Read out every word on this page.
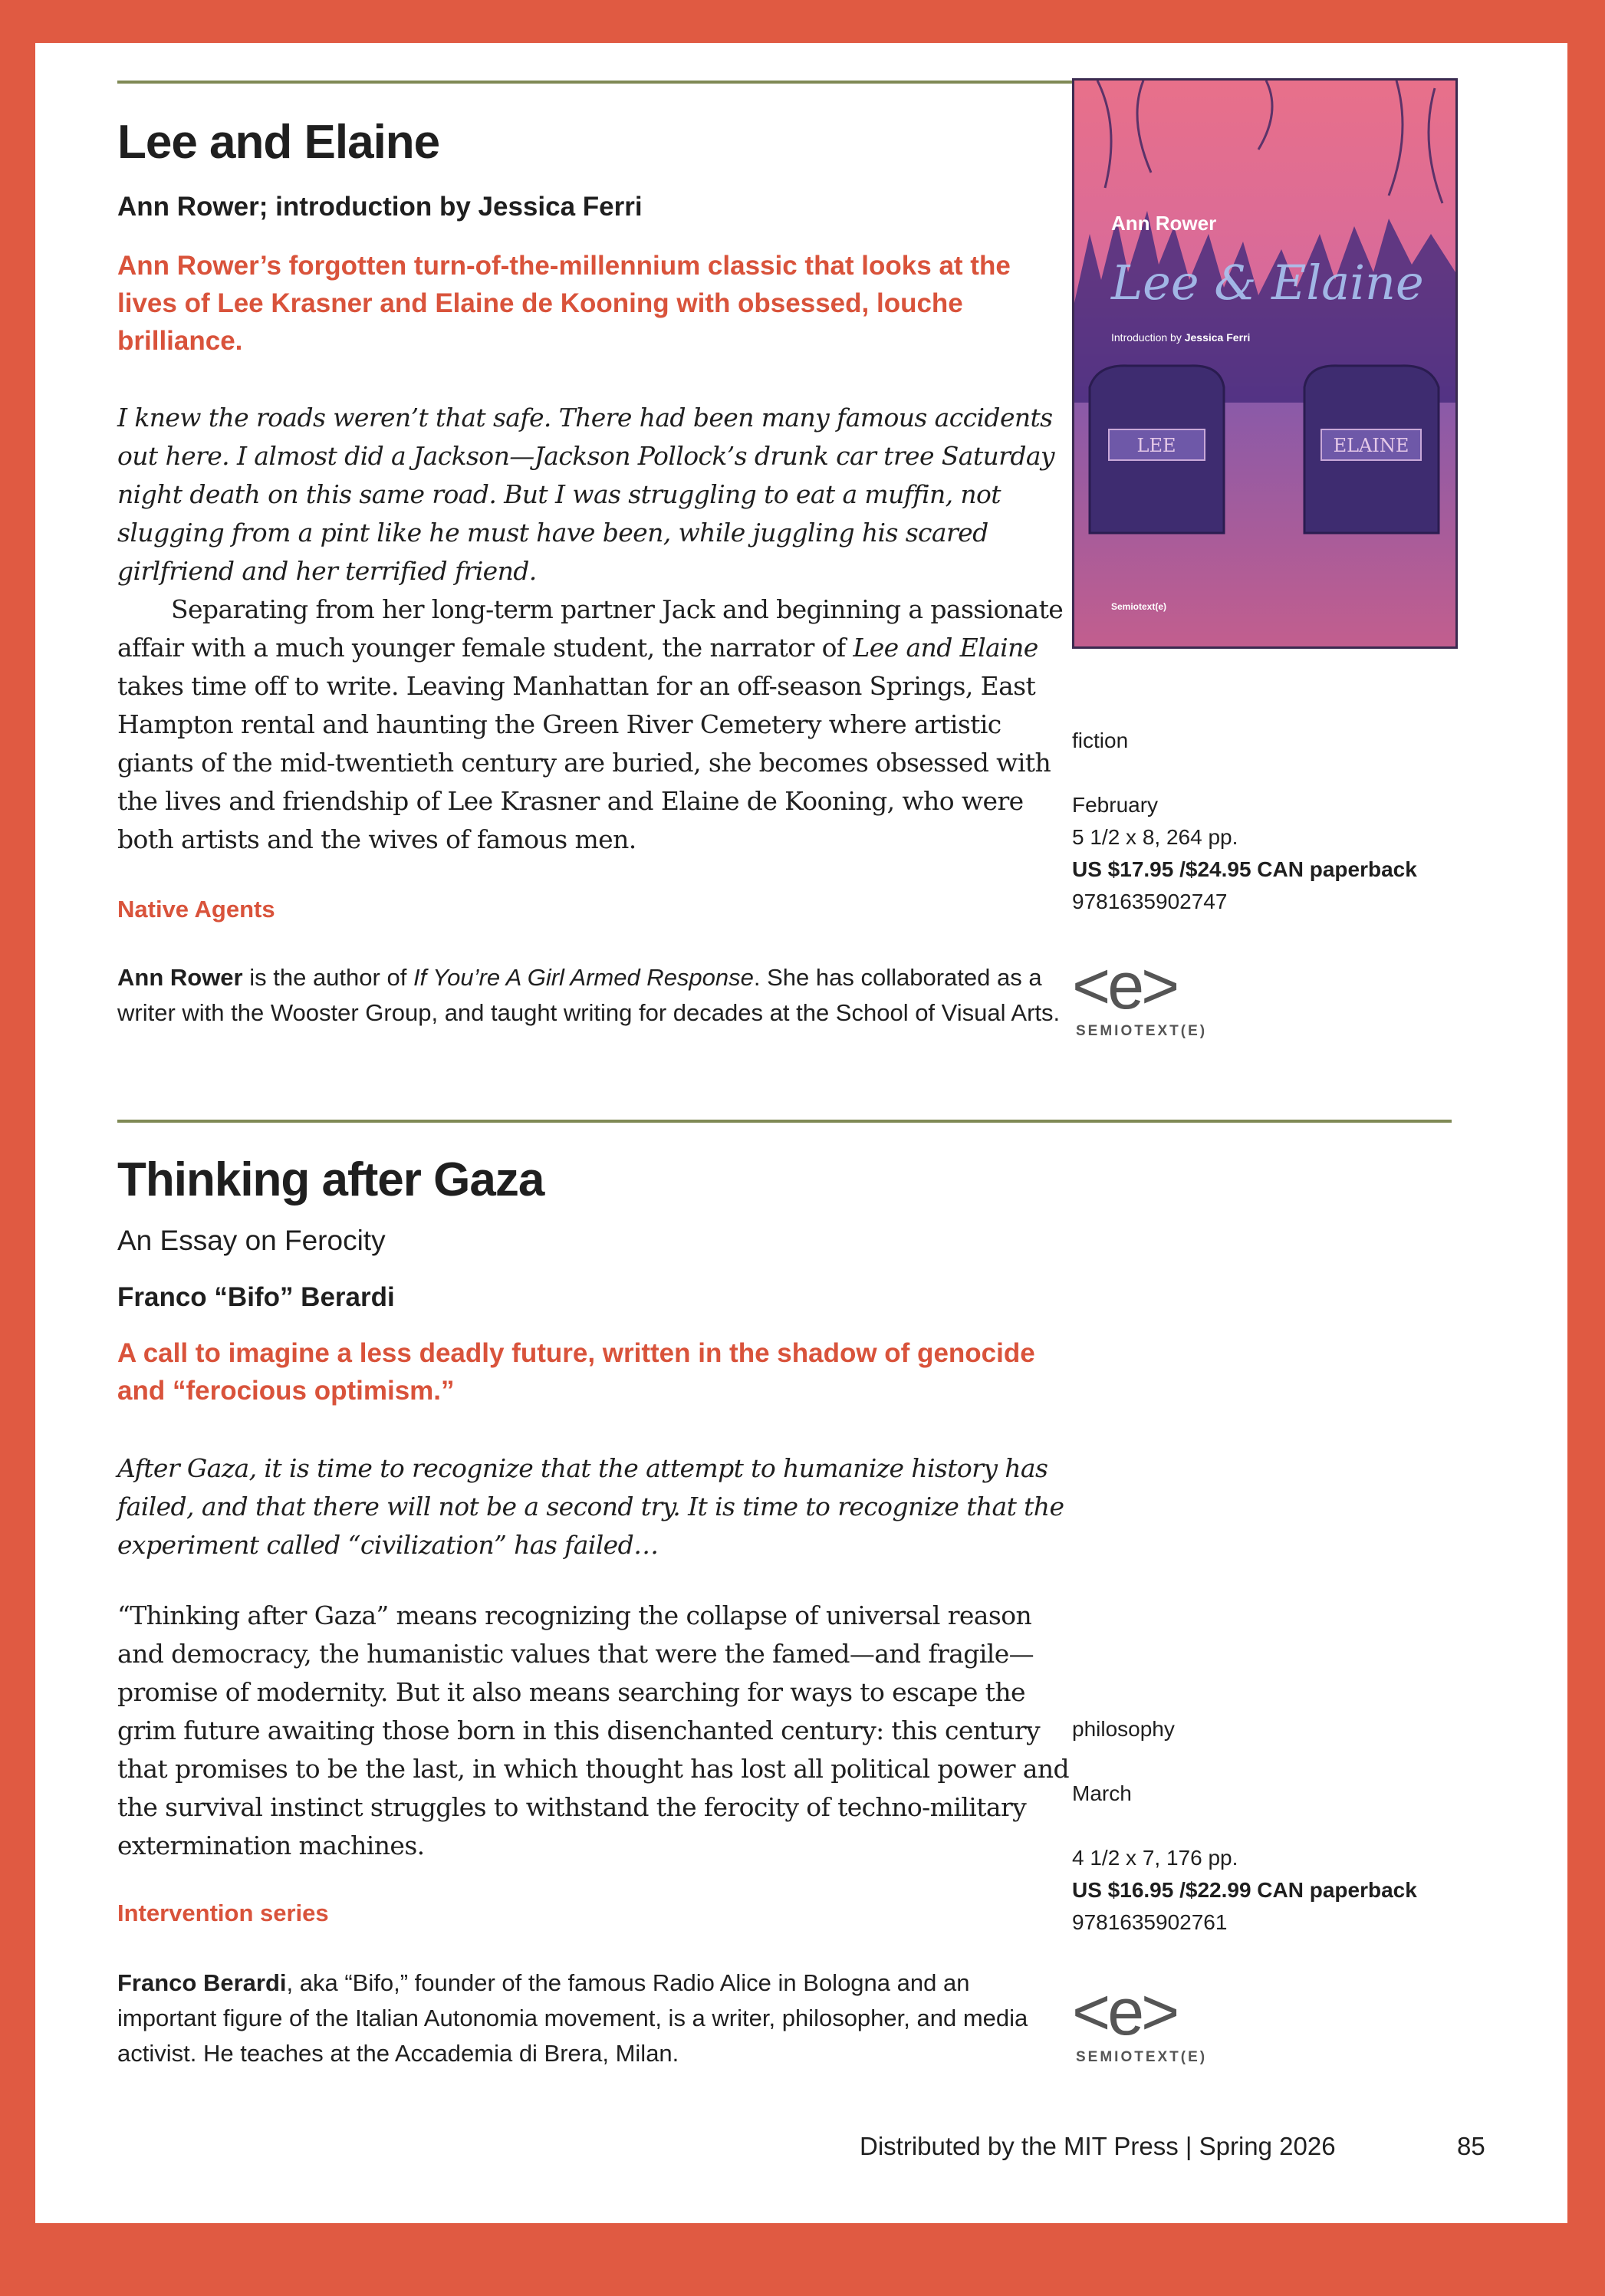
Lee and Elaine
Ann Rower; introduction by Jessica Ferri
Ann Rower’s forgotten turn-of-the-millennium classic that looks at the lives of Lee Krasner and Elaine de Kooning with obsessed, louche brilliance.
I knew the roads weren’t that safe. There had been many famous accidents out here. I almost did a Jackson—Jackson Pollock’s drunk car tree Saturday night death on this same road. But I was struggling to eat a muffin, not slugging from a pint like he must have been, while juggling his scared girlfriend and her terrified friend.

Separating from her long-term partner Jack and beginning a passionate affair with a much younger female student, the narrator of Lee and Elaine takes time off to write. Leaving Manhattan for an off-season Springs, East Hampton rental and haunting the Green River Cemetery where artistic giants of the mid-twentieth century are buried, she becomes obsessed with the lives and friendship of Lee Krasner and Elaine de Kooning, who were both artists and the wives of famous men.

Native Agents
Ann Rower is the author of If You’re A Girl Armed Response. She has collaborated as a writer with the Wooster Group, and taught writing for decades at the School of Visual Arts.
LEE	ELAINE
Ann Rower
Lee & Elaine
Introduction by Jessica Ferri
Semiotext(e)
fiction
February
5 1/2 x 8, 264 pp.
US $17.95 /$24.95 CAN paperback
9781635902747
<e>
SEMIOTEXT(E)
Thinking after Gaza
An Essay on Ferocity
Franco “Bifo” Berardi
A call to imagine a less deadly future, written in the shadow of genocide and “ferocious optimism.”
After Gaza, it is time to recognize that the attempt to humanize history has failed, and that there will not be a second try. It is time to recognize that the experiment called “civilization” has failed…

“Thinking after Gaza” means recognizing the collapse of universal reason and democracy, the humanistic values that were the famed—and fragile—promise of modernity. But it also means searching for ways to escape the grim future awaiting those born in this disenchanted century: this century that promises to be the last, in which thought has lost all political power and the survival instinct struggles to withstand the ferocity of techno-military extermination machines.

Intervention series
Franco Berardi, aka “Bifo,” founder of the famous Radio Alice in Bologna and an important figure of the Italian Autonomia movement, is a writer, philosopher, and media activist. He teaches at the Accademia di Brera, Milan.
philosophy
March
4 1/2 x 7, 176 pp.
US $16.95 /$22.99 CAN paperback
9781635902761
<e>
SEMIOTEXT(E)
Distributed by the MIT Press | Spring 2026	85
